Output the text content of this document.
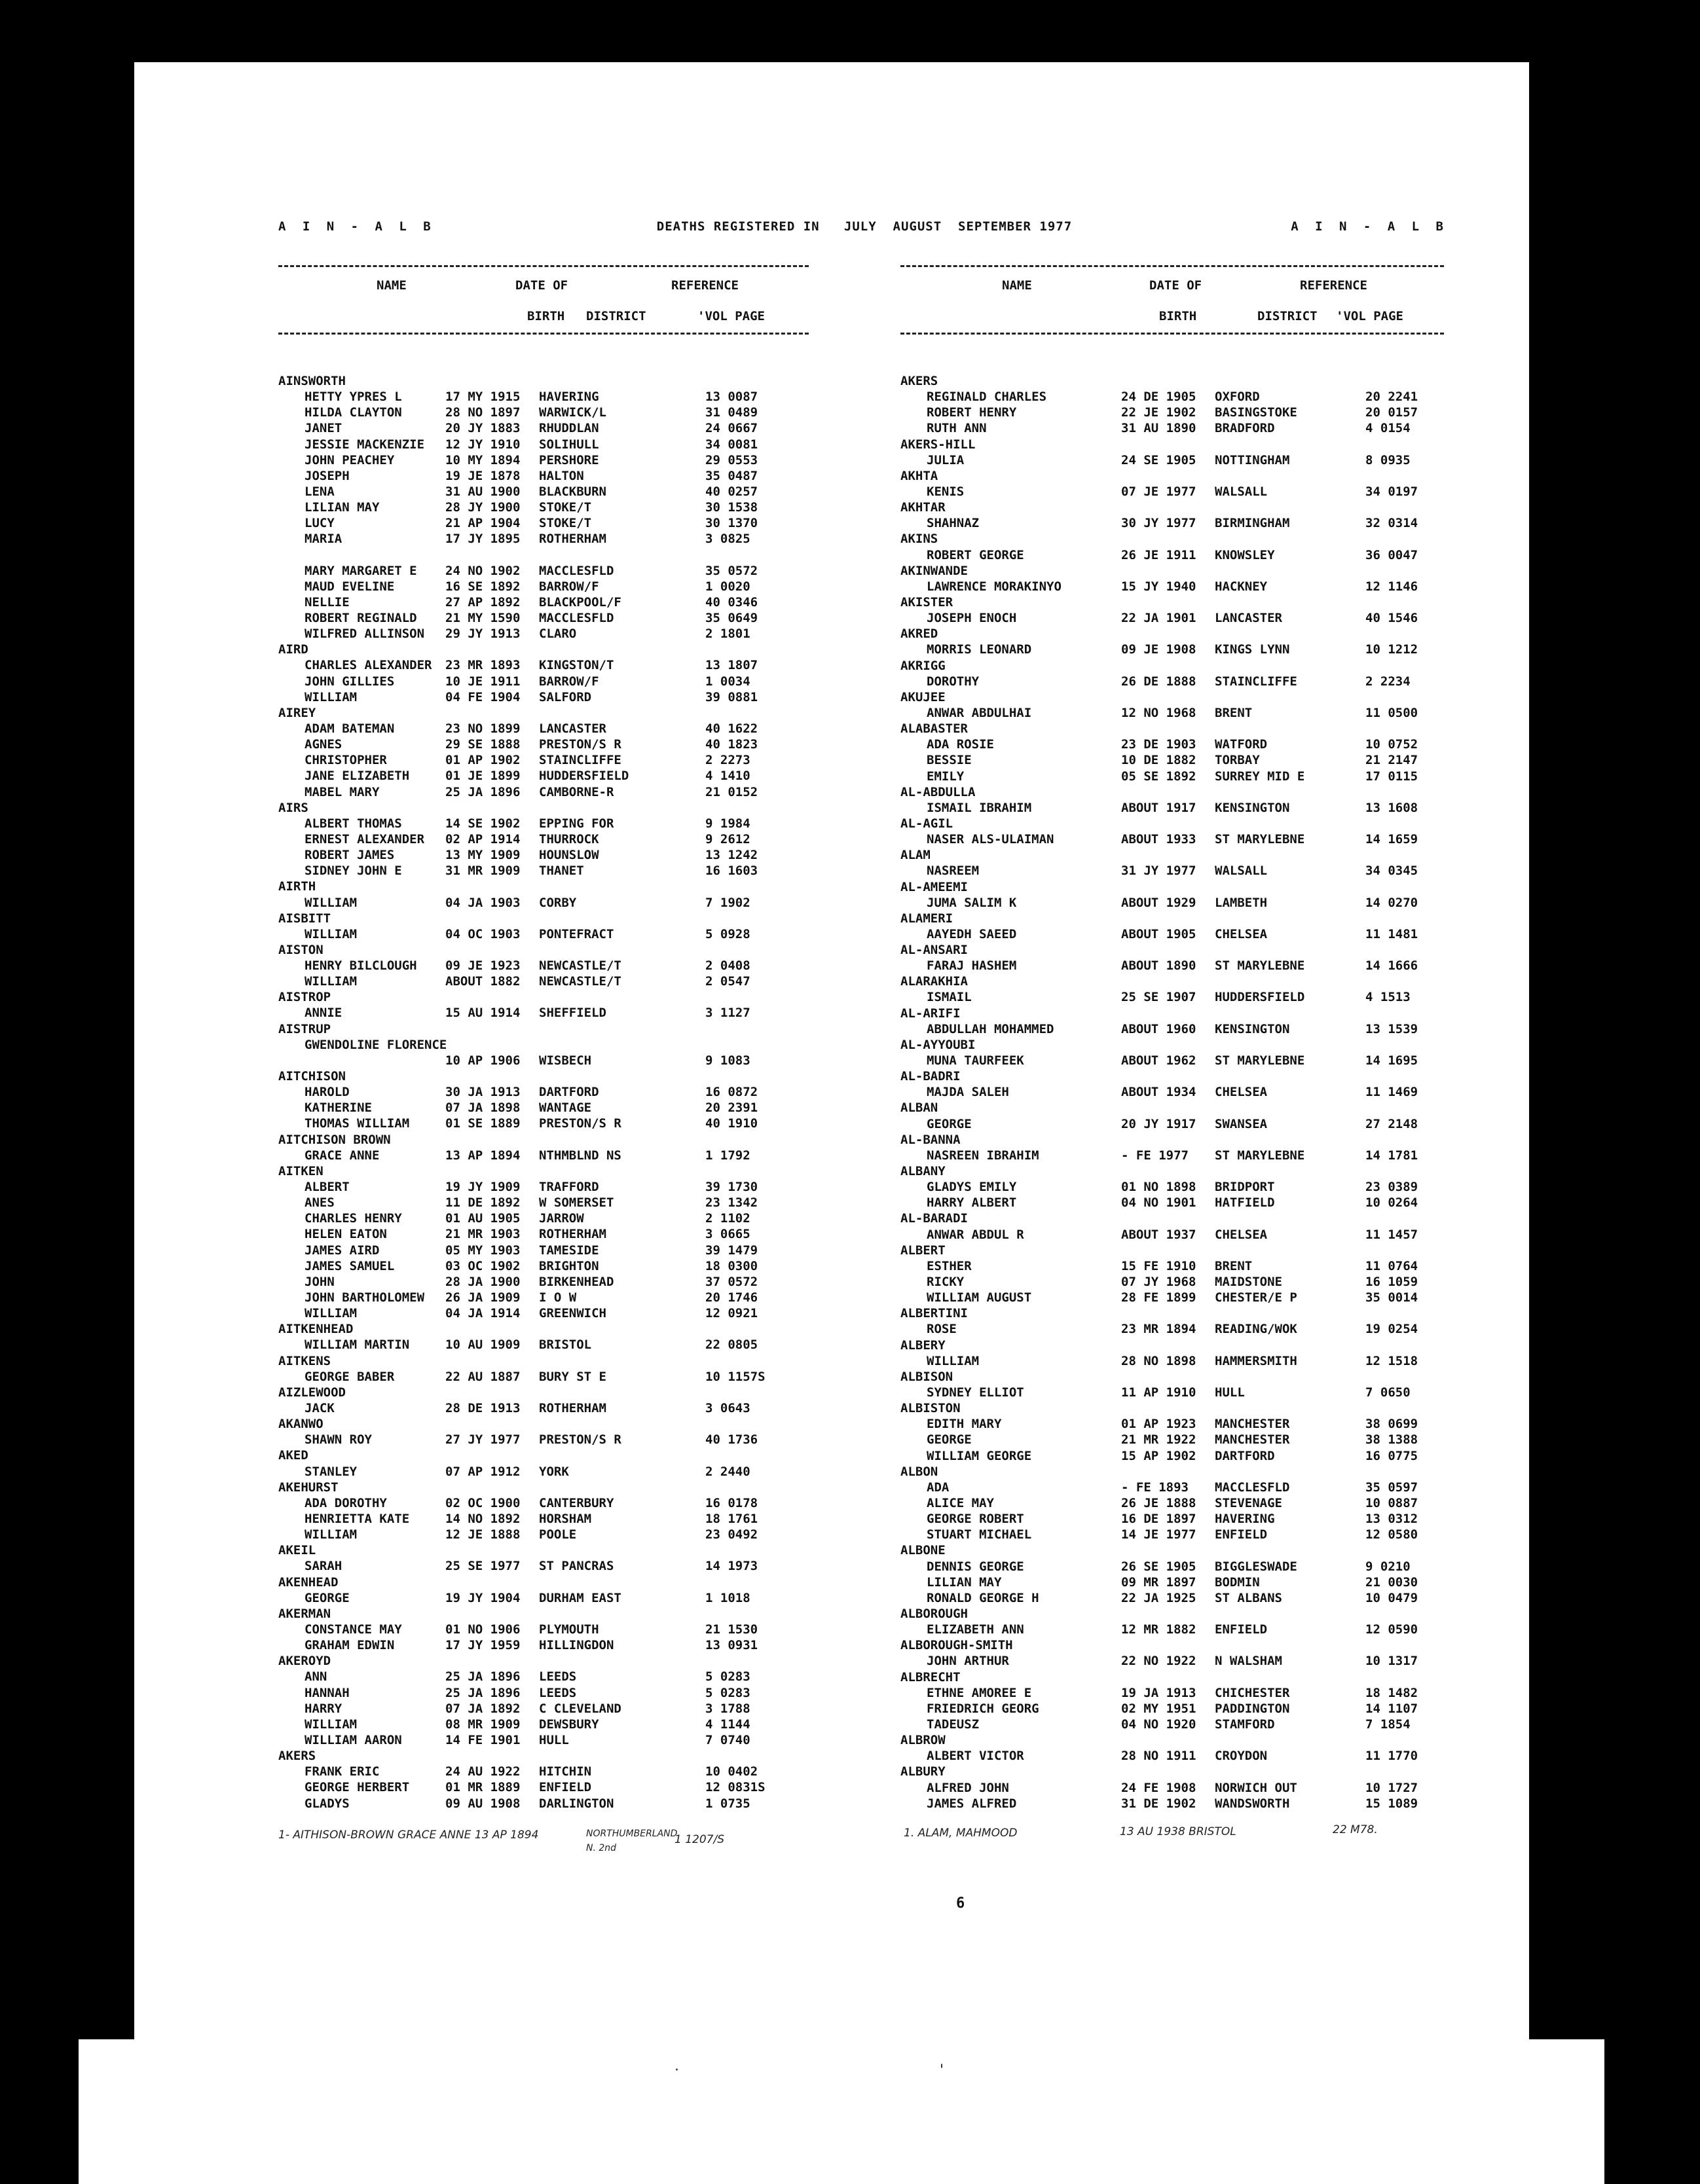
A I N - A L B	DEATHS REGISTERED IN   JULY  AUGUST  SEPTEMBER 1977	A I N - A L B
NAME	DATE OF	REFERENCE
BIRTH DISTRICT	'VOL PAGE
AINSWORTH
HETTY YPRES L	17 MY 1915 HAVERING	13 0087
HILDA CLAYTON	28 NO 1897 WARWICK/L	31 0489
JANET	20 JY 1883 RHUDDLAN	24 0667
JESSIE MACKENZIE 12 JY 1910 SOLIHULL	34 0081
JOHN PEACHEY	10 MY 1894 PERSHORE	29 0553
JOSEPH	19 JE 1878 HALTON	35 0487
LENA	31 AU 1900 BLACKBURN	40 0257
LILIAN MAY	28 JY 1900 STOKE/T	30 1538
LUCY	21 AP 1904 STOKE/T	30 1370
MARIA	17 JY 1895 ROTHERHAM	3 0825
MARY MARGARET E 24 NO 1902 MACCLESFLD	35 0572
MAUD EVELINE	16 SE 1892 BARROW/F	1 0020
NELLIE	27 AP 1892 BLACKPOOL/F	40 0346
ROBERT REGINALD 21 MY 1590 MACCLESFLD	35 0649
WILFRED ALLINSON 29 JY 1913 CLARO	2 1801
AIRD
CHARLES ALEXANDER 23 MR 1893 KINGSTON/T	13 1807
JOHN GILLIES	10 JE 1911 BARROW/F	1 0034
WILLIAM	04 FE 1904 SALFORD	39 0881
AIREY
ADAM BATEMAN	23 NO 1899 LANCASTER	40 1622
AGNES	29 SE 1888 PRESTON/S R	40 1823
CHRISTOPHER	01 AP 1902 STAINCLIFFE	2 2273
JANE ELIZABETH	01 JE 1899 HUDDERSFIELD	4 1410
MABEL MARY	25 JA 1896 CAMBORNE-R	21 0152
AIRS
ALBERT THOMAS	14 SE 1902 EPPING FOR	9 1984
ERNEST ALEXANDER 02 AP 1914 THURROCK	9 2612
ROBERT JAMES	13 MY 1909 HOUNSLOW	13 1242
SIDNEY JOHN E	31 MR 1909 THANET	16 1603
AIRTH
WILLIAM	04 JA 1903 CORBY	7 1902
AISBITT
WILLIAM	04 OC 1903 PONTEFRACT	5 0928
AISTON
HENRY BILCLOUGH 09 JE 1923 NEWCASTLE/T	2 0408
WILLIAM	ABOUT 1882 NEWCASTLE/T	2 0547
AISTROP
ANNIE	15 AU 1914 SHEFFIELD	3 1127
AISTRUP
GWENDOLINE FLORENCE
10 AP 1906 WISBECH	9 1083
AITCHISON
HAROLD	30 JA 1913 DARTFORD	16 0872
KATHERINE	07 JA 1898 WANTAGE	20 2391
THOMAS WILLIAM	01 SE 1889 PRESTON/S R	40 1910
AITCHISON BROWN
GRACE ANNE	13 AP 1894 NTHMBLND NS	1 1792
AITKEN
ALBERT	19 JY 1909 TRAFFORD	39 1730
ANES	11 DE 1892 W SOMERSET	23 1342
CHARLES HENRY	01 AU 1905 JARROW	2 1102
HELEN EATON	21 MR 1903 ROTHERHAM	3 0665
JAMES AIRD	05 MY 1903 TAMESIDE	39 1479
JAMES SAMUEL	03 OC 1902 BRIGHTON	18 0300
JOHN	28 JA 1900 BIRKENHEAD	37 0572
JOHN BARTHOLOMEW 26 JA 1909 I O W	20 1746
WILLIAM	04 JA 1914 GREENWICH	12 0921
AITKENHEAD
WILLIAM MARTIN	10 AU 1909 BRISTOL	22 0805
AITKENS
GEORGE BABER	22 AU 1887 BURY ST E	10 1157S
AIZLEWOOD
JACK	28 DE 1913 ROTHERHAM	3 0643
AKANWO
SHAWN ROY	27 JY 1977 PRESTON/S R	40 1736
AKED
STANLEY	07 AP 1912 YORK	2 2440
AKEHURST
ADA DOROTHY	02 OC 1900 CANTERBURY	16 0178
HENRIETTA KATE	14 NO 1892 HORSHAM	18 1761
WILLIAM	12 JE 1888 POOLE	23 0492
AKEIL
SARAH	25 SE 1977 ST PANCRAS	14 1973
AKENHEAD
GEORGE	19 JY 1904 DURHAM EAST	1 1018
AKERMAN
CONSTANCE MAY	01 NO 1906 PLYMOUTH	21 1530
GRAHAM EDWIN	17 JY 1959 HILLINGDON	13 0931
AKEROYD
ANN	25 JA 1896 LEEDS	5 0283
HANNAH	25 JA 1896 LEEDS	5 0283
HARRY	07 JA 1892 C CLEVELAND	3 1788
WILLIAM	08 MR 1909 DEWSBURY	4 1144
WILLIAM AARON	14 FE 1901 HULL	7 0740
AKERS
FRANK ERIC	24 AU 1922 HITCHIN	10 0402
GEORGE HERBERT	01 MR 1889 ENFIELD	12 0831S
GLADYS	09 AU 1908 DARLINGTON	1 0735
NAME	DATE OF	REFERENCE
BIRTH	DISTRICT 'VOL PAGE
AKERS
REGINALD CHARLES	24 DE 1905 OXFORD	20 2241
ROBERT HENRY	22 JE 1902 BASINGSTOKE	20 0157
RUTH ANN	31 AU 1890 BRADFORD	4 0154
AKERS-HILL
JULIA	24 SE 1905 NOTTINGHAM	8 0935
AKHTA
KENIS	07 JE 1977 WALSALL	34 0197
AKHTAR
SHAHNAZ	30 JY 1977 BIRMINGHAM	32 0314
AKINS
ROBERT GEORGE	26 JE 1911 KNOWSLEY	36 0047
AKINWANDE
LAWRENCE MORAKINYO	15 JY 1940 HACKNEY	12 1146
AKISTER
JOSEPH ENOCH	22 JA 1901 LANCASTER	40 1546
AKRED
MORRIS LEONARD	09 JE 1908 KINGS LYNN	10 1212
AKRIGG
DOROTHY	26 DE 1888 STAINCLIFFE	2 2234
AKUJEE
ANWAR ABDULHAI	12 NO 1968 BRENT	11 0500
ALABASTER
ADA ROSIE	23 DE 1903 WATFORD	10 0752
BESSIE	10 DE 1882 TORBAY	21 2147
EMILY	05 SE 1892 SURREY MID E	17 0115
AL-ABDULLA
ISMAIL IBRAHIM	ABOUT 1917 KENSINGTON	13 1608
AL-AGIL
NASER ALS-ULAIMAN	ABOUT 1933 ST MARYLEBNE	14 1659
ALAM
NASREEM	31 JY 1977 WALSALL	34 0345
AL-AMEEMI
JUMA SALIM K	ABOUT 1929 LAMBETH	14 0270
ALAMERI
AAYEDH SAEED	ABOUT 1905 CHELSEA	11 1481
AL-ANSARI
FARAJ HASHEM	ABOUT 1890 ST MARYLEBNE	14 1666
ALARAKHIA
ISMAIL	25 SE 1907 HUDDERSFIELD	4 1513
AL-ARIFI
ABDULLAH MOHAMMED	ABOUT 1960 KENSINGTON	13 1539
AL-AYYOUBI
MUNA TAURFEEK	ABOUT 1962 ST MARYLEBNE	14 1695
AL-BADRI
MAJDA SALEH	ABOUT 1934 CHELSEA	11 1469
ALBAN
GEORGE	20 JY 1917 SWANSEA	27 2148
AL-BANNA
NASREEN IBRAHIM	- FE 1977 ST MARYLEBNE	14 1781
ALBANY
GLADYS EMILY	01 NO 1898 BRIDPORT	23 0389
HARRY ALBERT	04 NO 1901 HATFIELD	10 0264
AL-BARADI
ANWAR ABDUL R	ABOUT 1937 CHELSEA	11 1457
ALBERT
ESTHER	15 FE 1910 BRENT	11 0764
RICKY	07 JY 1968 MAIDSTONE	16 1059
WILLIAM AUGUST	28 FE 1899 CHESTER/E P	35 0014
ALBERTINI
ROSE	23 MR 1894 READING/WOK	19 0254
ALBERY
WILLIAM	28 NO 1898 HAMMERSMITH	12 1518
ALBISON
SYDNEY ELLIOT	11 AP 1910 HULL	7 0650
ALBISTON
EDITH MARY	01 AP 1923 MANCHESTER	38 0699
GEORGE	21 MR 1922 MANCHESTER	38 1388
WILLIAM GEORGE	15 AP 1902 DARTFORD	16 0775
ALBON
ADA	- FE 1893 MACCLESFLD	35 0597
ALICE MAY	26 JE 1888 STEVENAGE	10 0887
GEORGE ROBERT	16 DE 1897 HAVERING	13 0312
STUART MICHAEL	14 JE 1977 ENFIELD	12 0580
ALBONE
DENNIS GEORGE	26 SE 1905 BIGGLESWADE	9 0210
LILIAN MAY	09 MR 1897 BODMIN	21 0030
RONALD GEORGE H	22 JA 1925 ST ALBANS	10 0479
ALBOROUGH
ELIZABETH ANN	12 MR 1882 ENFIELD	12 0590
ALBOROUGH-SMITH
JOHN ARTHUR	22 NO 1922 N WALSHAM	10 1317
ALBRECHT
ETHNE AMOREE E	19 JA 1913 CHICHESTER	18 1482
FRIEDRICH GEORG	02 MY 1951 PADDINGTON	14 1107
TADEUSZ	04 NO 1920 STAMFORD	7 1854
ALBROW
ALBERT VICTOR	28 NO 1911 CROYDON	11 1770
ALBURY
ALFRED JOHN	24 FE 1908 NORWICH OUT	10 1727
JAMES ALFRED	31 DE 1902 WANDSWORTH	15 1089
1- AITHISON-BROWN GRACE ANNE 13 AP 1894	NORTHUMBERLAND
1 1207/S
N. 2nd
1. ALAM, MAHMOOD	13 AU 1938 BRISTOL	22 M78.
6
·	'
